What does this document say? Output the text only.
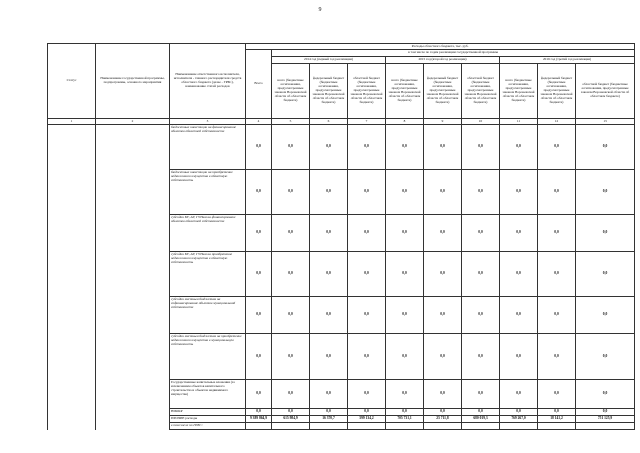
9
Статус	Наименование государственной программы, подпрограммы, основного мероприятия	Наименование ответственного исполнителя, исполнителя - главного распорядителя средств областного бюджета (далее - ГРБС), наименование статей расходов	Расходы областного бюджета, тыс. руб.									
			Всего	в том числе по годам реализации государственной программы								
				2014 год (первый год реализации)			2015 год (второй год реализации)			2016 год (третий год реализации)		
				всего (бюджетные ассигнования, предусмотренные законом Воронежской области об областном бюджете)	федеральный бюджет (бюджетные ассигнования, предусмотренные законом Воронежской области об областном бюджете)	областной бюджет (бюджетные ассигнования, предусмотренные законом Воронежской области об областном бюджете)	всего (бюджетные ассигнования, предусмотренные законом Воронежской области об областном бюджете)	федеральный бюджет (бюджетные ассигнования, предусмотренные законом Воронежской области об областном бюджете)	областной бюджет (бюджетные ассигнования, предусмотренные законом Воронежской области об областном бюджете)	всего (бюджетные ассигнования, предусмотренные законом Воронежской области об областном бюджете)	федеральный бюджет (бюджетные ассигнования, предусмотренные законом Воронежской области об областном бюджете)	областной бюджет (бюджетные ассигнования, предусмотренные законом Воронежской области об областном бюджете)
1	2	3	4	5	6	7	8	9	10	11	12	13
		бюджетные инвестиции на финансирование объектов областной собственности	0,0	0,0	0,0	0,0	0,0	0,0	0,0	0,0	0,0	0,0
		бюджетные инвестиции на приобретение недвижимого имущества в областную собственность	0,0	0,0	0,0	0,0	0,0	0,0	0,0	0,0	0,0	0,0
		субсидии БУ, АУ, ГУПам на финансирование объектов областной собственности	0,0	0,0	0,0	0,0	0,0	0,0	0,0	0,0	0,0	0,0
		субсидии БУ, АУ, ГУПам на приобретение недвижимого имущества в областную собственность	0,0	0,0	0,0	0,0	0,0	0,0	0,0	0,0	0,0	0,0
		субсидии местным бюджетам на софинансирование объектов муниципальной собственности	0,0	0,0	0,0	0,0	0,0	0,0	0,0	0,0	0,0	0,0
		субсидии местным бюджетам на приобретение недвижимого имущества в муниципальную собственность	0,0	0,0	0,0	0,0	0,0	0,0	0,0	0,0	0,0	0,0
		Государственные капитальные вложения (за исключением объектов капитального строительства и объектов недвижимого имущества)	0,0	0,0	0,0	0,0	0,0	0,0	0,0	0,0	0,0	0,0
		НИОКР	0,0	0,0	0,0	0,0	0,0	0,0	0,0	0,0	0,0	0,0
		ПРОЧИЕ расходы	9 389 864,9	615 984,9	16 370,7	599 134,2	705 731,1	25 711,8	680 019,3	769 267,0	18 141,2	751 125,9
		в том числе по ГРБС:										
